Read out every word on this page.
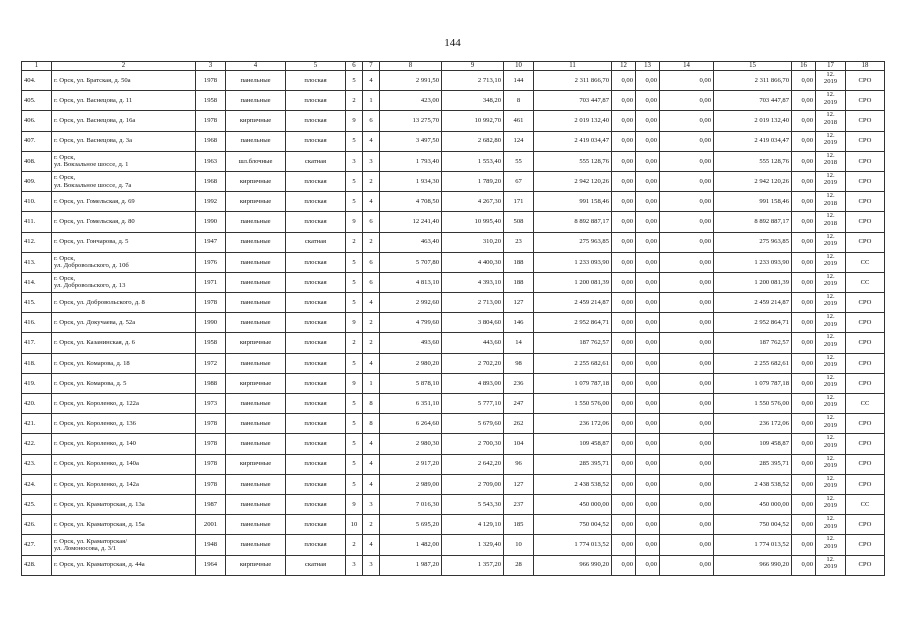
144
1	2	3	4	5	6	7	8	9	10	11	12	13	14	15	16	17	18
404.	г. Орск, ул. Братская, д. 50а	1978	панельные	плоская	5	4	2 991,50	2 713,10	144	2 311 866,70	0,00	0,00	0,00	2 311 866,70	0,00	12.
2019	СРО
405.	г. Орск, ул. Васнецова, д. 11	1958	панельные	плоская	2	1	423,00	348,20	8	703 447,87	0,00	0,00	0,00	703 447,87	0,00	12.
2019	СРО
406.	г. Орск, ул. Васнецова, д. 16а	1978	кирпичные	плоская	9	6	13 275,70	10 992,70	461	2 019 132,40	0,00	0,00	0,00	2 019 132,40	0,00	12.
2018	СРО
407.	г. Орск, ул. Васнецова, д. 3а	1968	панельные	плоская	5	4	3 497,50	2 682,80	124	2 419 034,47	0,00	0,00	0,00	2 419 034,47	0,00	12.
2019	СРО
408.	г. Орск,
ул. Вокзальное шоссе, д. 1	1963	шл.блочные	скатная	3	3	1 793,40	1 553,40	55	555 128,76	0,00	0,00	0,00	555 128,76	0,00	12.
2018	СРО
409.	г. Орск,
ул. Вокзальное шоссе, д. 7а	1968	кирпичные	плоская	5	2	1 934,30	1 789,20	67	2 942 120,26	0,00	0,00	0,00	2 942 120,26	0,00	12.
2019	СРО
410.	г. Орск, ул. Гомельская, д. 69	1992	кирпичные	плоская	5	4	4 708,50	4 267,30	171	991 158,46	0,00	0,00	0,00	991 158,46	0,00	12.
2018	СРО
411.	г. Орск, ул. Гомельская, д. 80	1990	панельные	плоская	9	6	12 241,40	10 995,40	508	8 892 887,17	0,00	0,00	0,00	8 892 887,17	0,00	12.
2018	СРО
412.	г. Орск, ул. Гончарова, д. 5	1947	панельные	скатная	2	2	463,40	310,20	23	275 963,85	0,00	0,00	0,00	275 963,85	0,00	12.
2019	СРО
413.	г. Орск,
ул. Добровольского, д. 10б	1976	панельные	плоская	5	6	5 707,80	4 400,30	188	1 233 093,90	0,00	0,00	0,00	1 233 093,90	0,00	12.
2019	СС
414.	г. Орск,
ул. Добровольского, д. 13	1971	панельные	плоская	5	6	4 813,10	4 393,10	188	1 200 081,39	0,00	0,00	0,00	1 200 081,39	0,00	12.
2019	СС
415.	г. Орск, ул. Добровольского, д. 8	1978	панельные	плоская	5	4	2 992,60	2 713,00	127	2 459 214,87	0,00	0,00	0,00	2 459 214,87	0,00	12.
2019	СРО
416.	г. Орск, ул. Докучаева, д. 52а	1990	панельные	плоская	9	2	4 799,60	3 804,60	146	2 952 864,71	0,00	0,00	0,00	2 952 864,71	0,00	12.
2019	СРО
417.	г. Орск, ул. Казанинская, д. 6	1958	кирпичные	плоская	2	2	493,60	443,60	14	187 762,57	0,00	0,00	0,00	187 762,57	0,00	12.
2019	СРО
418.	г. Орск, ул. Комарова, д. 18	1972	панельные	плоская	5	4	2 980,20	2 702,20	98	2 255 682,61	0,00	0,00	0,00	2 255 682,61	0,00	12.
2019	СРО
419.	г. Орск, ул. Комарова, д. 5	1988	кирпичные	плоская	9	1	5 878,10	4 893,00	236	1 079 787,18	0,00	0,00	0,00	1 079 787,18	0,00	12.
2019	СРО
420.	г. Орск, ул. Короленко, д. 122а	1973	панельные	плоская	5	8	6 351,10	5 777,10	247	1 550 576,00	0,00	0,00	0,00	1 550 576,00	0,00	12.
2019	СС
421.	г. Орск, ул. Короленко, д. 136	1978	панельные	плоская	5	8	6 264,60	5 679,60	262	236 172,06	0,00	0,00	0,00	236 172,06	0,00	12.
2019	СРО
422.	г. Орск, ул. Короленко, д. 140	1978	панельные	плоская	5	4	2 980,30	2 700,30	104	109 458,87	0,00	0,00	0,00	109 458,87	0,00	12.
2019	СРО
423.	г. Орск, ул. Короленко, д. 140а	1978	кирпичные	плоская	5	4	2 917,20	2 642,20	96	285 395,71	0,00	0,00	0,00	285 395,71	0,00	12.
2019	СРО
424.	г. Орск, ул. Короленко, д. 142а	1978	панельные	плоская	5	4	2 989,00	2 709,00	127	2 438 538,52	0,00	0,00	0,00	2 438 538,52	0,00	12.
2019	СРО
425.	г. Орск, ул. Краматорская, д. 13а	1987	панельные	плоская	9	3	7 016,30	5 543,30	237	450 000,00	0,00	0,00	0,00	450 000,00	0,00	12.
2019	СС
426.	г. Орск, ул. Краматорская, д. 15а	2001	панельные	плоская	10	2	5 695,20	4 129,10	185	750 004,52	0,00	0,00	0,00	750 004,52	0,00	12.
2019	СРО
427.	г. Орск, ул. Краматорская/
ул. Ломоносова, д. 3/1	1948	панельные	плоская	2	4	1 482,00	1 329,40	10	1 774 013,52	0,00	0,00	0,00	1 774 013,52	0,00	12.
2019	СРО
428.	г. Орск, ул. Краматорская, д. 44а	1964	кирпичные	скатная	3	3	1 987,20	1 357,20	28	966 990,20	0,00	0,00	0,00	966 990,20	0,00	12.
2019	СРО
